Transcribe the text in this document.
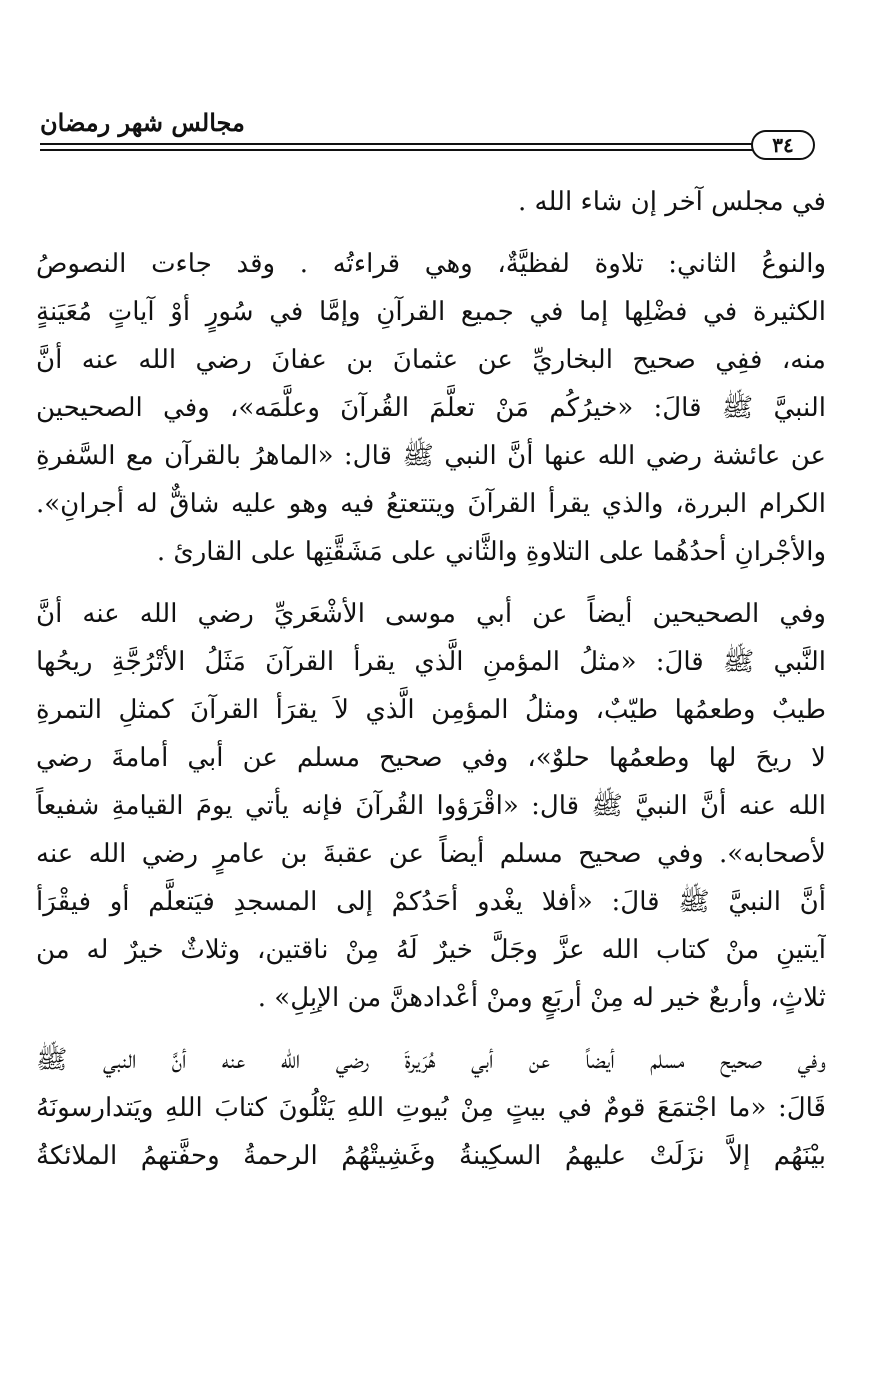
مجالس شهر رمضان
٣٤
في مجلس آخر إن شاء الله .
والنوعُ الثاني: تلاوة لفظيَّةٌ، وهي قراءتُه . وقد جاءت النصوصُ
الكثيرة في فضْلِها إما في جميع القرآنِ وإمَّا في سُورٍ أوْ آياتٍ مُعَيَنةٍ
منه، ففِي صحيح البخاريِّ عن عثمانَ بن عفانَ رضي الله عنه أنَّ
النبيَّ ﷺ قالَ: «خيرُكُم مَنْ تعلَّمَ القُرآنَ وعلَّمَه»، وفي الصحيحين
عن عائشة رضي الله عنها أنَّ النبي ﷺ قال: «الماهرُ بالقرآن مع السَّفرةِ
الكرام البررة، والذي يقرأ القرآنَ ويتتعتعُ فيه وهو عليه شاقٌّ له أجرانِ».
والأجْرانِ أحدُهُما على التلاوةِ والثَّاني على مَشَقَّتِها على القارئ .
وفي الصحيحين أيضاً عن أبي موسى الأشْعَريِّ رضي الله عنه أنَّ
النَّبي ﷺ قالَ: «مثلُ المؤمنِ الَّذي يقرأ القرآنَ مَثَلُ الأتْرُجَّةِ ريحُها
طيبٌ وطعمُها طيّبٌ، ومثلُ المؤمِن الَّذي لاَ يقرَأ القرآنَ كمثلِ التمرةِ
لا ريحَ لها وطعمُها حلوٌ»، وفي صحيح مسلم عن أبي أمامةَ رضي
الله عنه أنَّ النبيَّ ﷺ قال: «اقْرَؤوا القُرآنَ فإنه يأتي يومَ القيامةِ شفيعاً
لأصحابه». وفي صحيح مسلم أيضاً عن عقبةَ بن عامرٍ رضي الله عنه
أنَّ النبيَّ ﷺ قالَ: «أفلا يغْدو أحَدُكمْ إلى المسجدِ فيَتعلَّم أو فيقْرَأ
آيتينِ منْ كتاب الله عزَّ وجَلَّ خيرٌ لَهُ مِنْ ناقتين، وثلاثٌ خيرٌ له من
ثلاثٍ، وأربعٌ خير له مِنْ أربَعٍ ومنْ أعْدادهنَّ من الإبِلِ» .
وفي صحيح مسلم أيضاً عن أبي هُرَيرةَ رضي الله عنه أنَّ النبي ﷺ
قَالَ: «ما اجْتمَعَ قومٌ في بيتٍ مِنْ بُيوتِ اللهِ يَتْلُونَ كتابَ اللهِ ويَتدارسونَهُ
بيْنَهُم إلاَّ نزَلَتْ عليهمُ السكِينةُ وغَشِيتْهُمُ الرحمةُ وحفَّتهمُ الملائكةُ
